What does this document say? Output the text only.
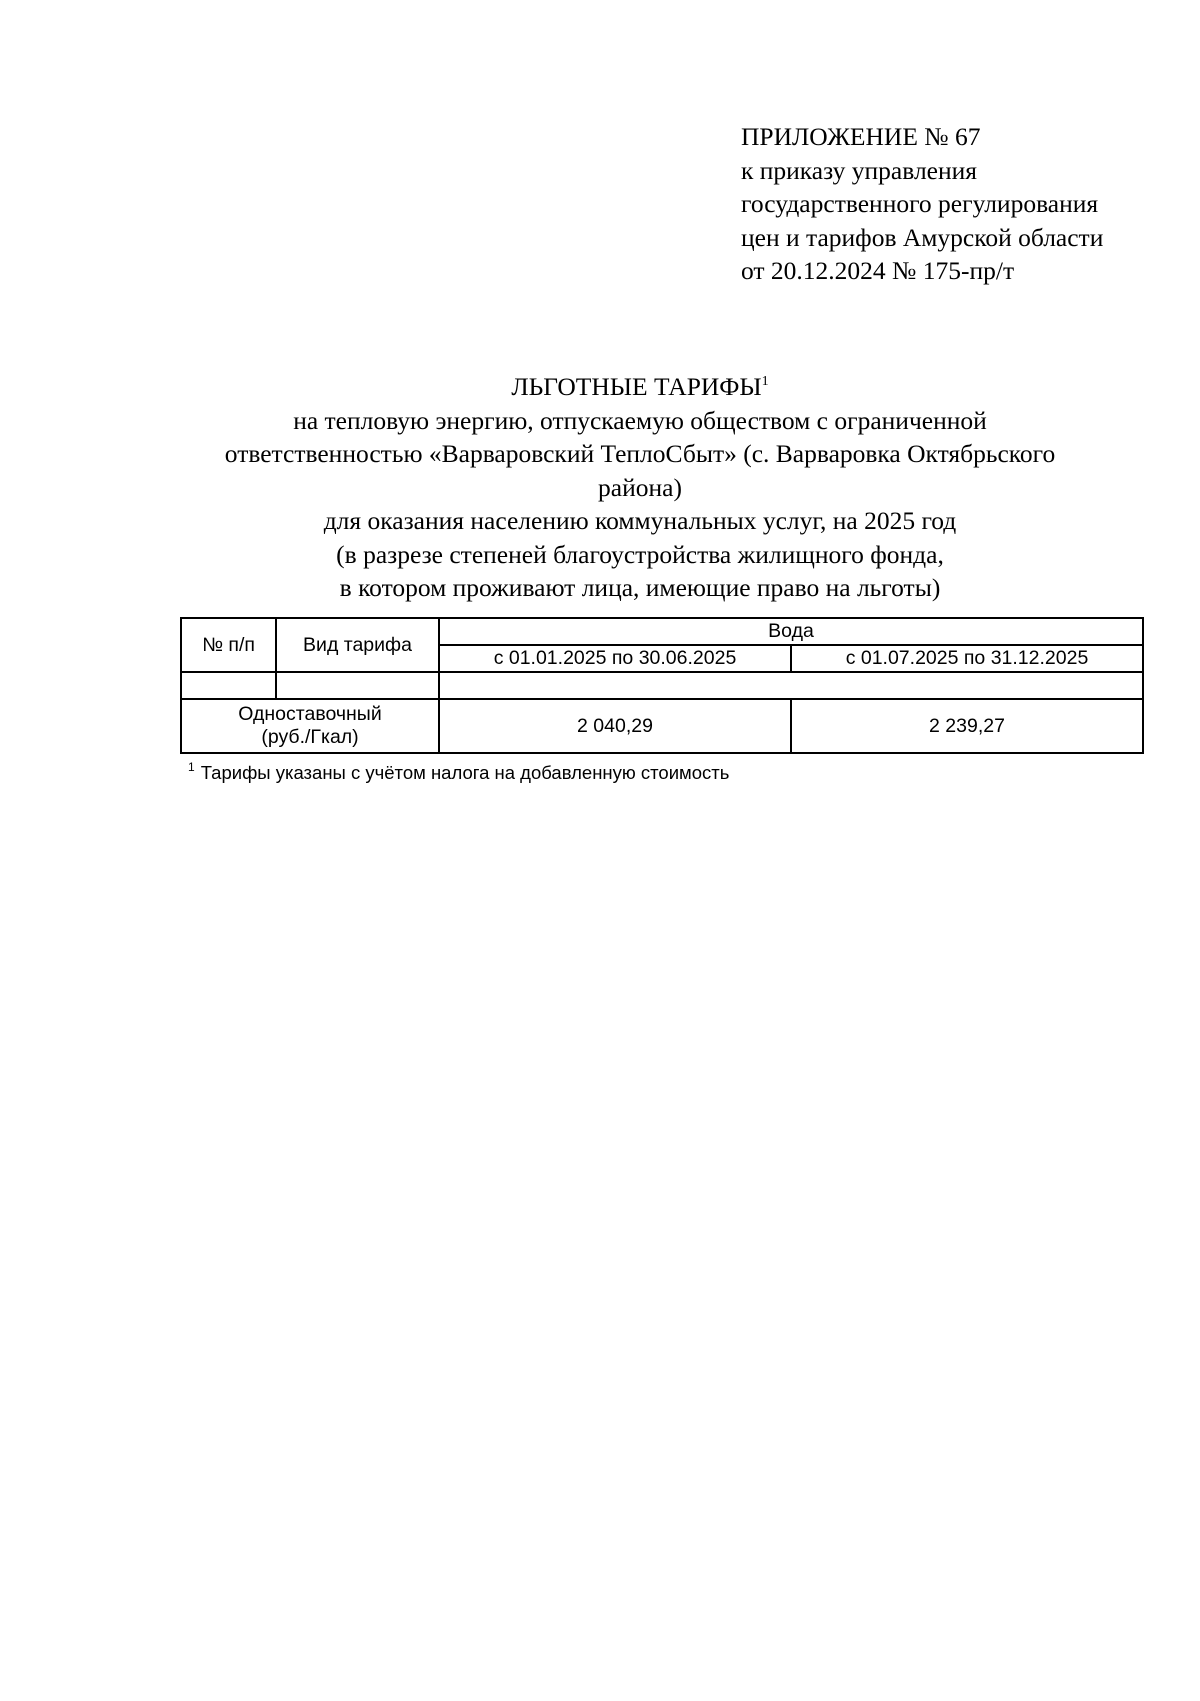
ПРИЛОЖЕНИЕ № 67
к приказу управления
государственного регулирования
цен и тарифов Амурской области
от 20.12.2024 № 175-пр/т
ЛЬГОТНЫЕ ТАРИФЫ$^1$
на тепловую энергию, отпускаемую обществом с ограниченной
ответственностью «Варваровский ТеплоСбыт» (с. Варваровка Октябрьского
района)
для оказания населению коммунальных услуг, на 2025 год
(в разрезе степеней благоустройства жилищного фонда,
в котором проживают лица, имеющие право на льготы)
№ п/п	Вид тарифа	Вода	
		с 01.01.2025 по 30.06.2025	с 01.07.2025 по 31.12.2025

Одноставочный
(руб./Гкал)		2 040,29	2 239,27
$^1$ Тарифы указаны с учётом налога на добавленную стоимость
